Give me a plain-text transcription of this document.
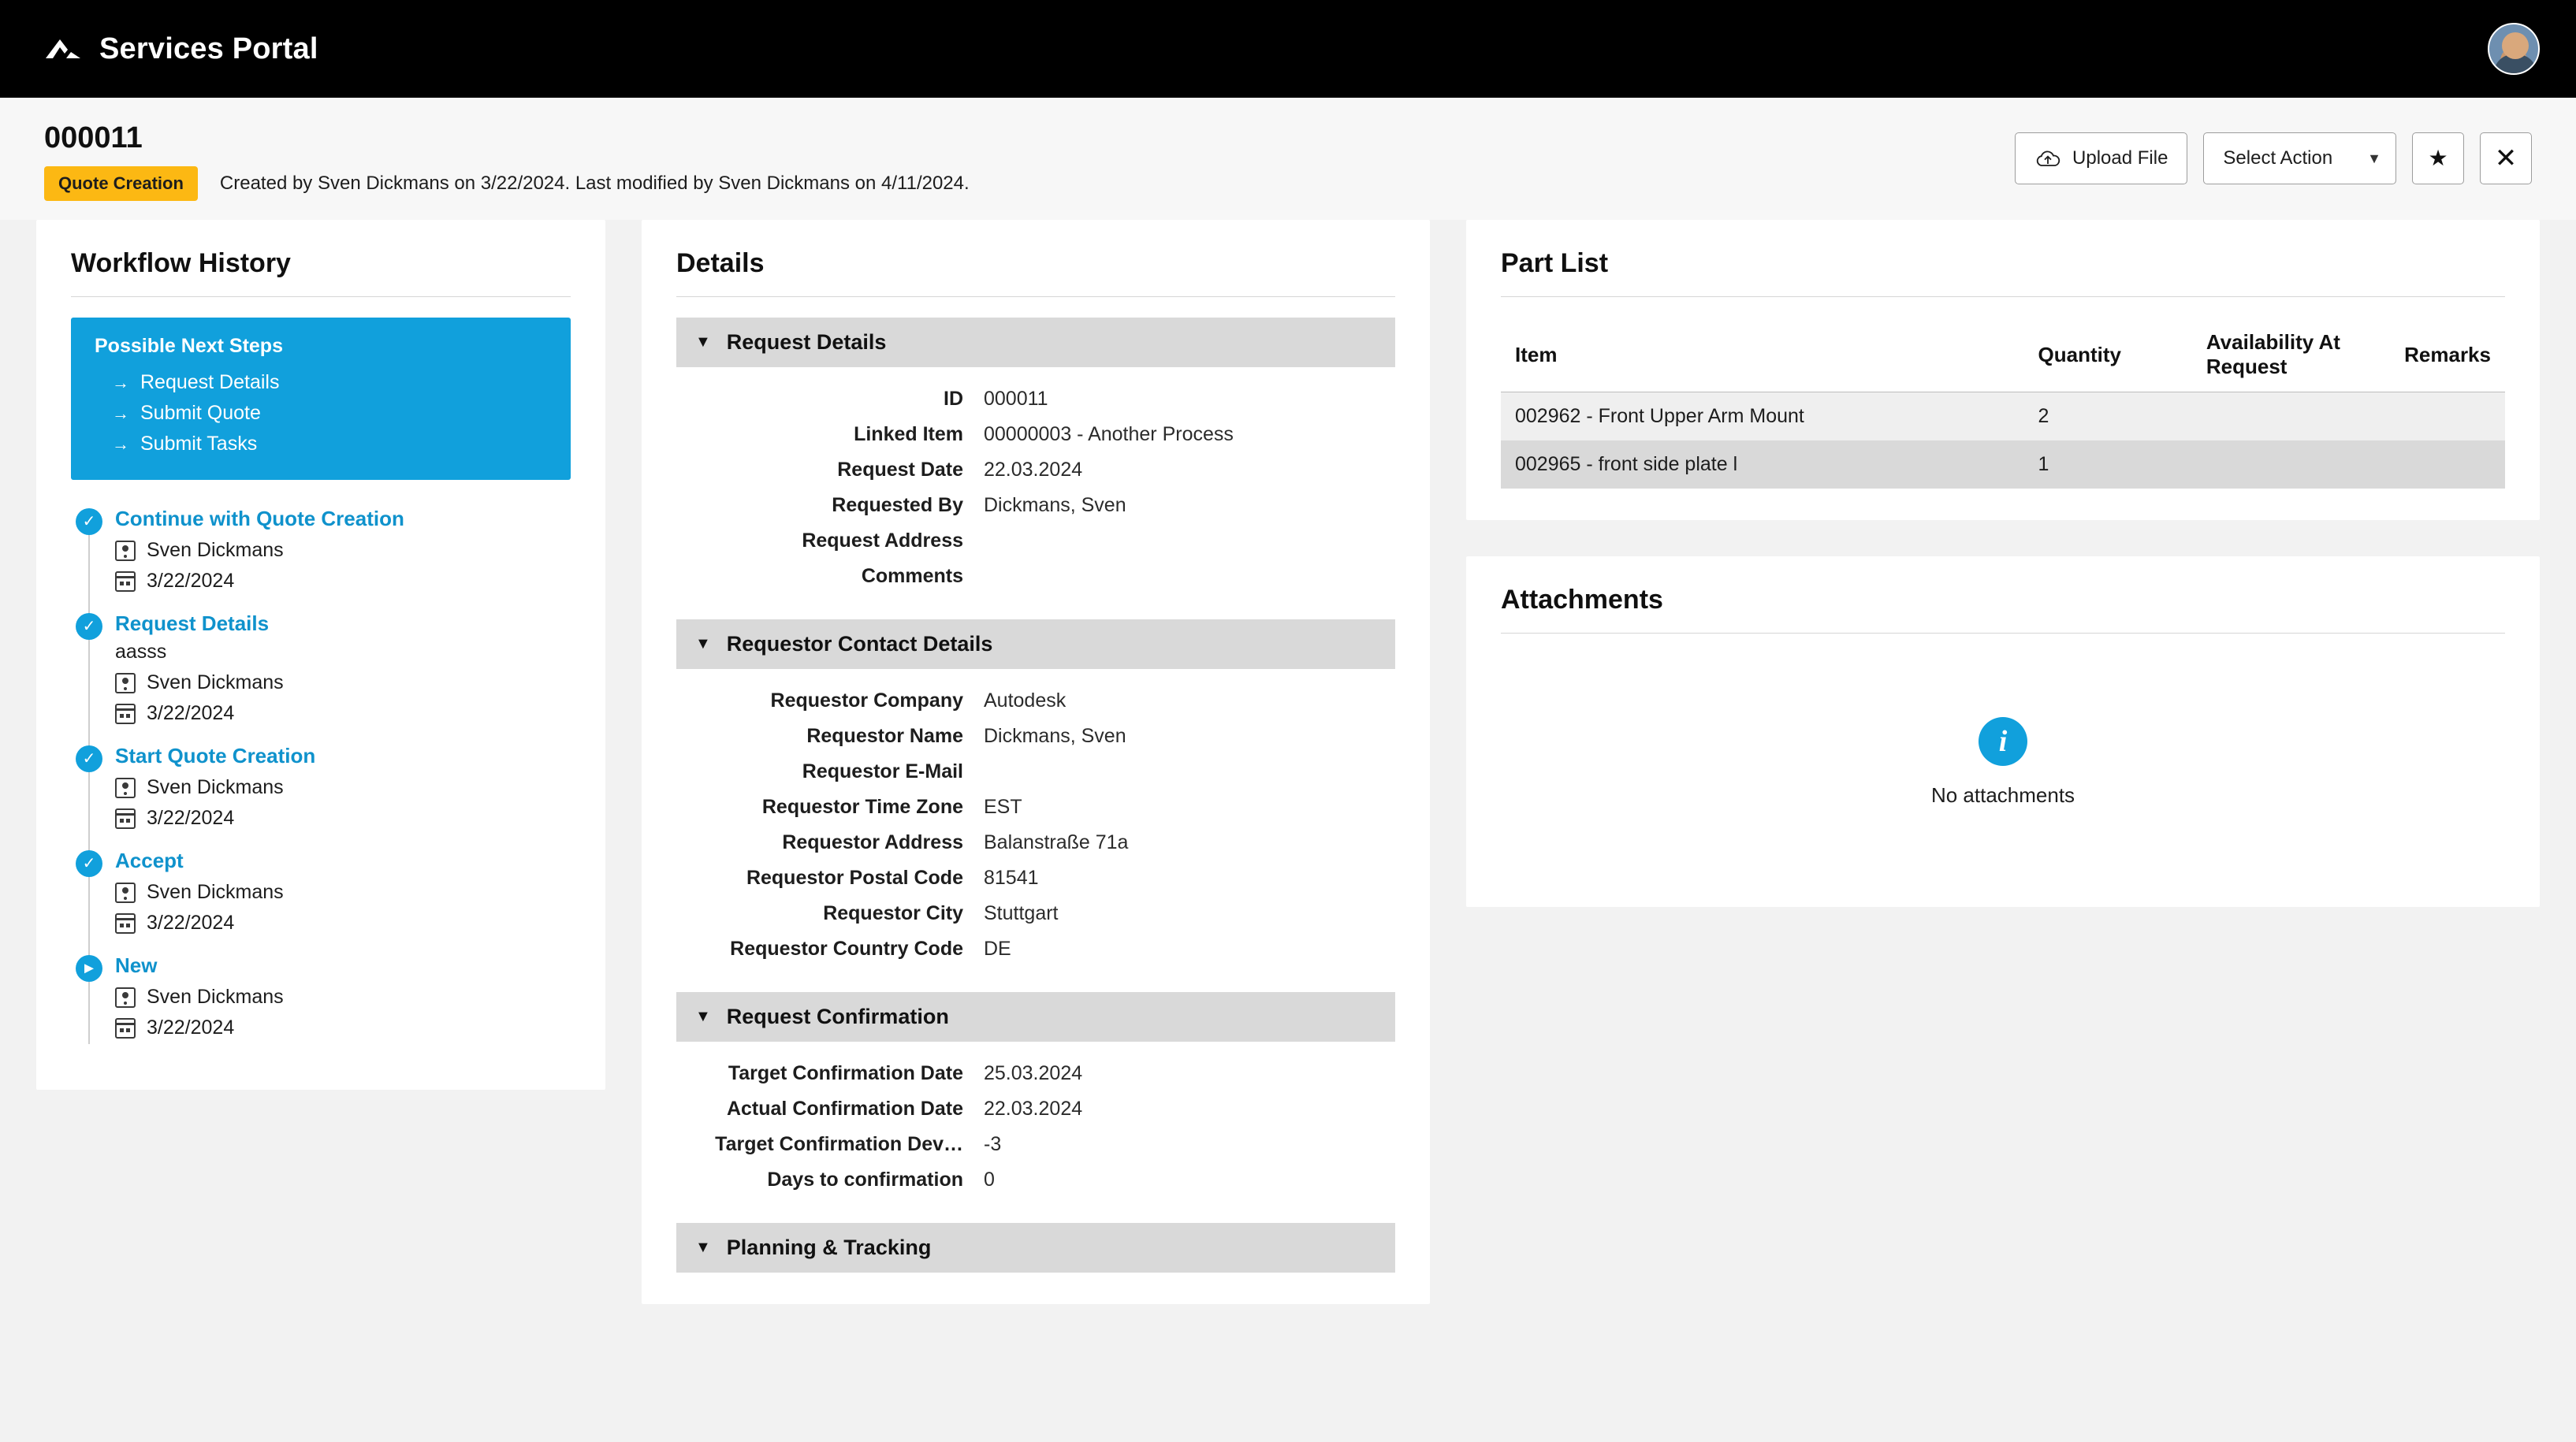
Services Portal
000011
Quote Creation	Created by Sven Dickmans on 3/22/2024. Last modified by Sven Dickmans on 4/11/2024.
Upload File	Select Action ▼ ★ ✕
Workflow History
Possible Next Steps
→ Request Details
→ Submit Quote
→ Submit Tasks
✓ Continue with Quote Creation
Sven Dickmans
3/22/2024
✓ Request Details
aasss
Sven Dickmans
3/22/2024
✓ Start Quote Creation
Sven Dickmans
3/22/2024
✓ Accept
Sven Dickmans
3/22/2024
► New
Sven Dickmans
3/22/2024
Details
▼ Request Details
ID	000011
Linked Item	00000003 - Another Process
Request Date	22.03.2024
Requested By	Dickmans, Sven
Request Address
Comments
▼ Requestor Contact Details
Requestor Company	Autodesk
Requestor Name	Dickmans, Sven
Requestor E-Mail
Requestor Time Zone	EST
Requestor Address	Balanstraße 71a
Requestor Postal Code	81541
Requestor City	Stuttgart
Requestor Country Code	DE
▼ Request Confirmation
Target Confirmation Date	25.03.2024
Actual Confirmation Date	22.03.2024
Target Confirmation Dev…	-3
Days to confirmation	0
▼ Planning & Tracking
Part List
Item	Quantity	Availability At Request	Remarks
002962 - Front Upper Arm Mount	2		
002965 - front side plate l	1		
Attachments
i
No attachments
